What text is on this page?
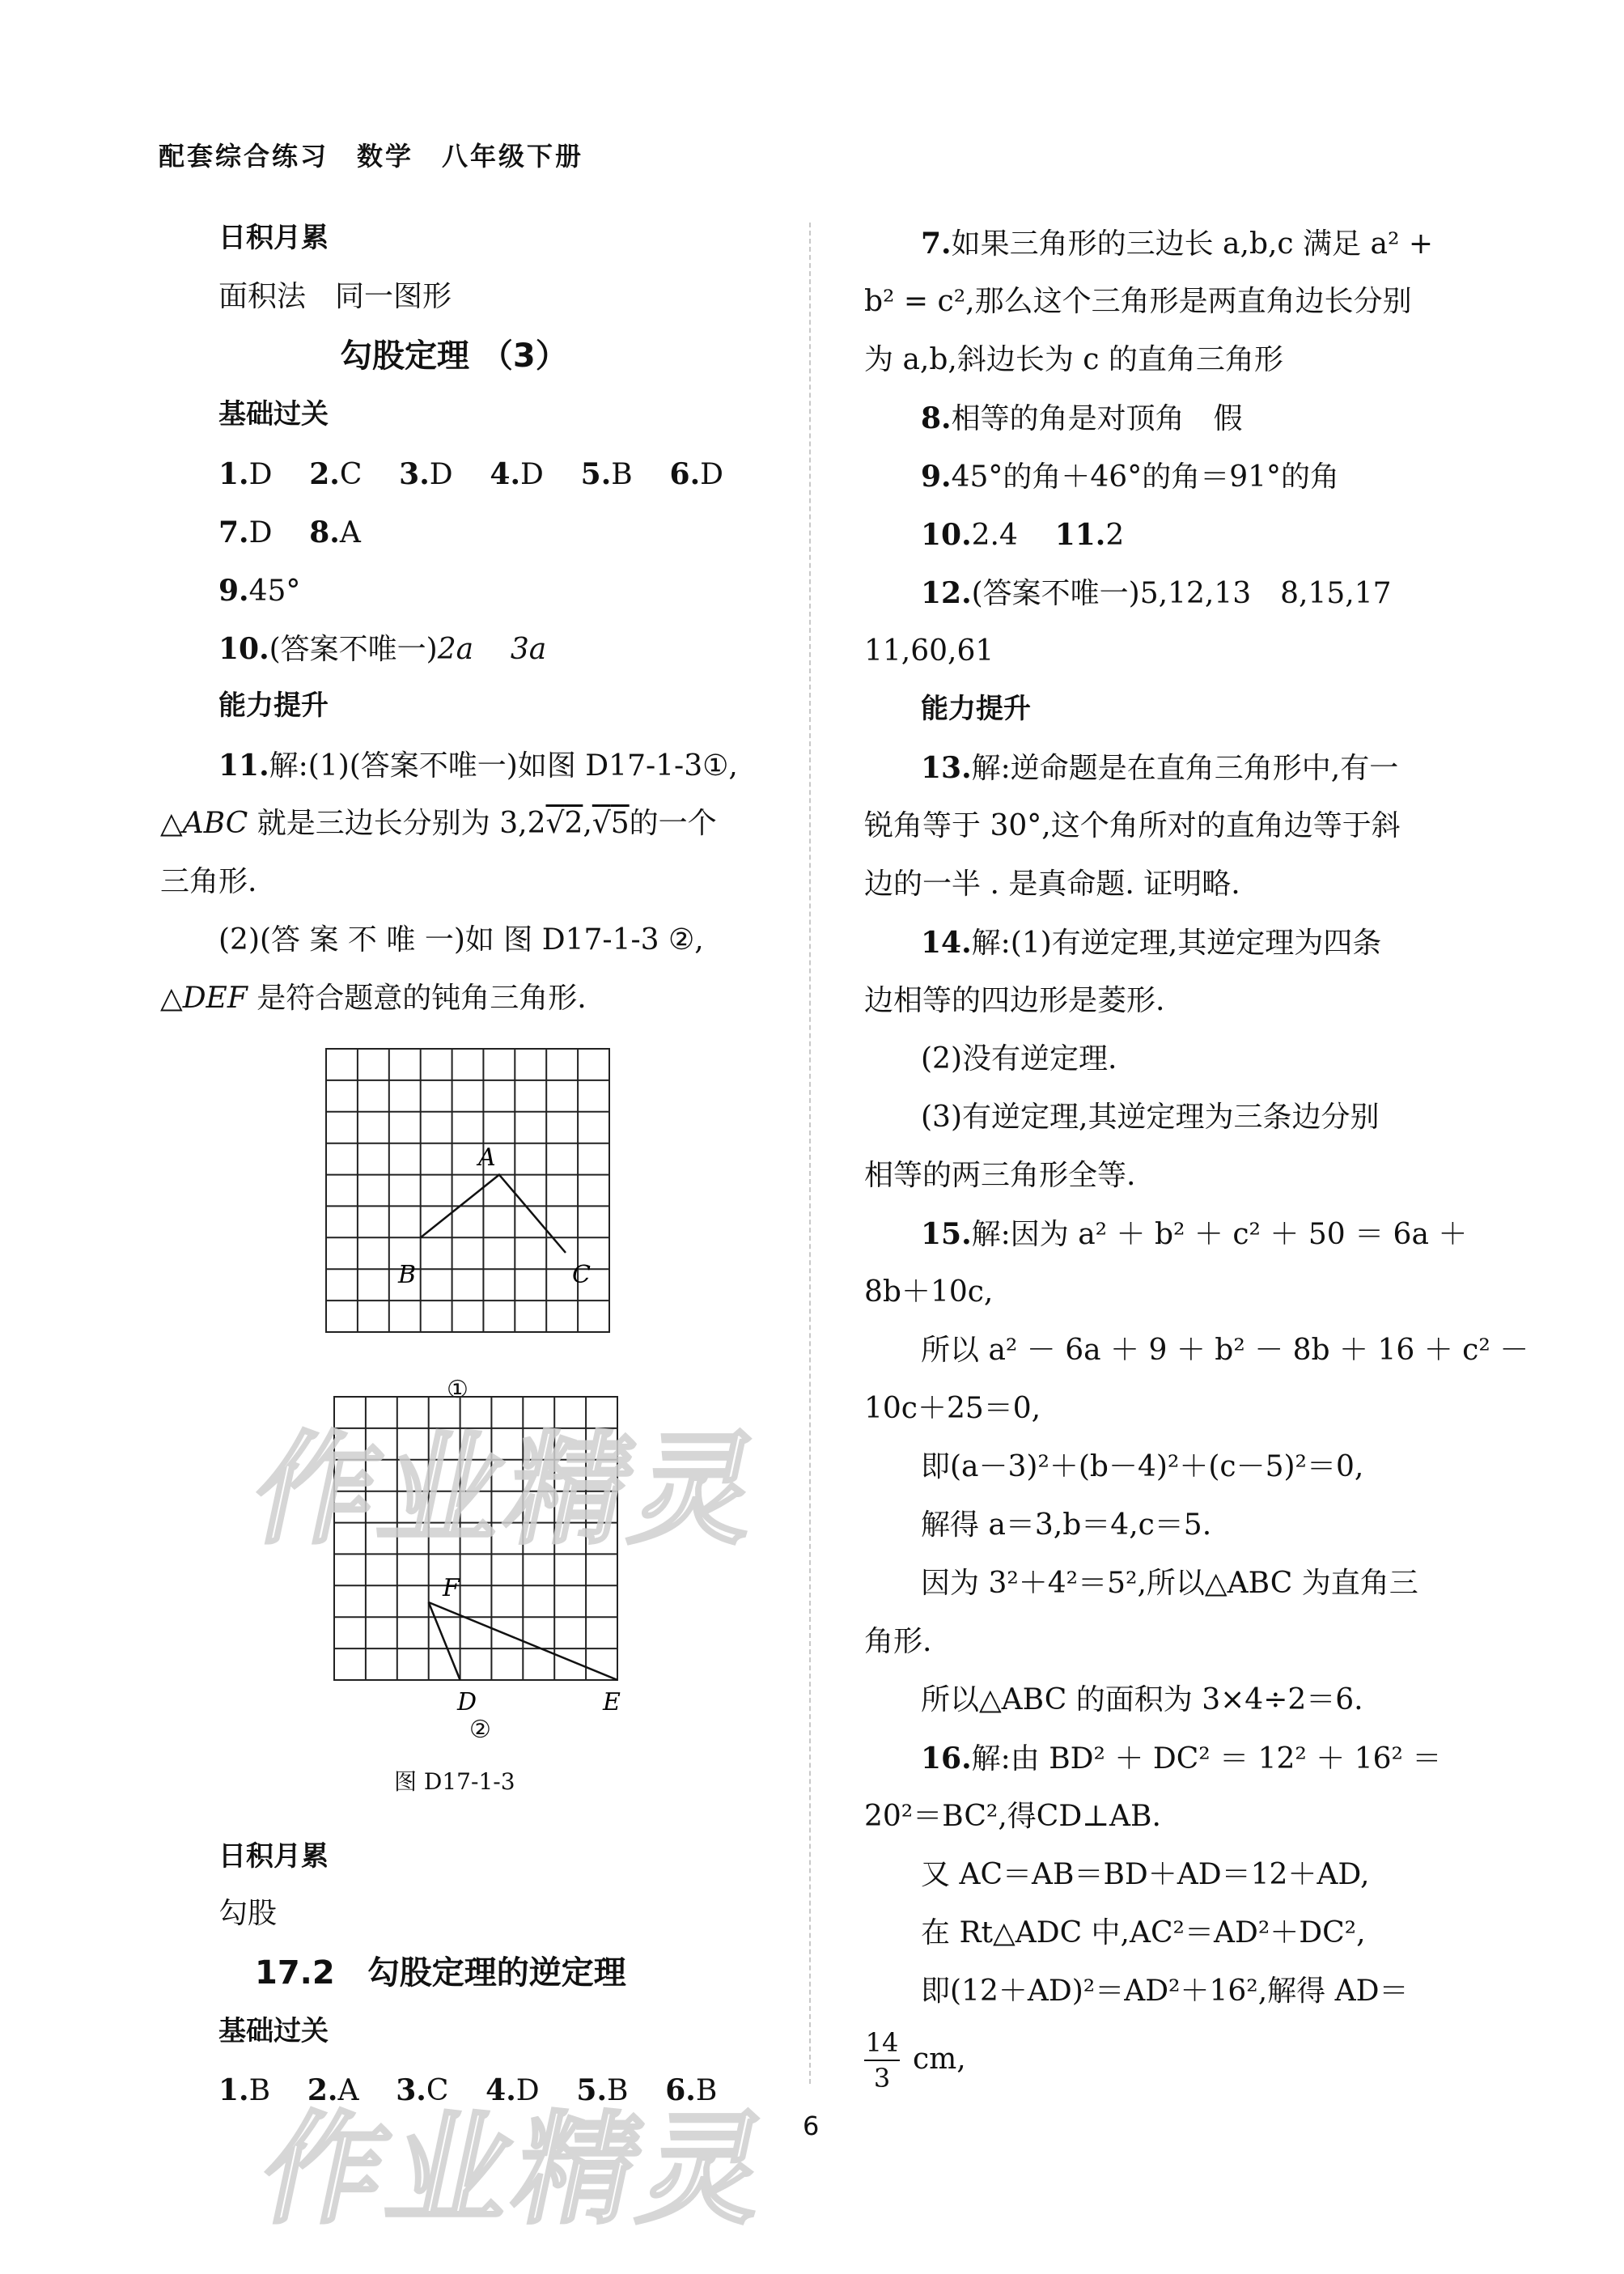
配套综合练习　数学　八年级下册
日积月累
面积法　同一图形
勾股定理 （3）
基础过关
1.D 2.C 3.D 4.D 5.B 6.D
7.D 8.A
9.45°
10.(答案不唯一)2a 3a
能力提升
11.解:(1)(答案不唯一)如图 D17-1-3①,
△ABC 就是三边长分别为 3,2√2,√5的一个
三角形.
(2)(答 案 不 唯 一)如 图 D17-1-3 ②,
△DEF 是符合题意的钝角三角形.
日积月累
勾股
17.2　勾股定理的逆定理
基础过关
1.B 2.A 3.C 4.D 5.B 6.B
A
B	C
①
F
D	E
②
图 D17-1-3
7.如果三角形的三边长 a,b,c 满足 a² +
b² = c²,那么这个三角形是两直角边长分别
为 a,b,斜边长为 c 的直角三角形
8.相等的角是对顶角　假
9.45°的角＋46°的角＝91°的角
10.2.4 11.2
12.(答案不唯一)5,12,13　8,15,17
11,60,61
能力提升
13.解:逆命题是在直角三角形中,有一
锐角等于 30°,这个角所对的直角边等于斜
边的一半 . 是真命题. 证明略.
14.解:(1)有逆定理,其逆定理为四条
边相等的四边形是菱形.
(2)没有逆定理.
(3)有逆定理,其逆定理为三条边分别
相等的两三角形全等.
15.解:因为 a² ＋ b² ＋ c² ＋ 50 ＝ 6a ＋
8b＋10c,
所以 a² － 6a ＋ 9 ＋ b² － 8b ＋ 16 ＋ c² －
10c＋25＝0,
即(a－3)²＋(b－4)²＋(c－5)²＝0,
解得 a＝3,b＝4,c＝5.
因为 3²＋4²＝5²,所以△ABC 为直角三
角形.
所以△ABC 的面积为 3×4÷2＝6.
16.解:由 BD² ＋ DC² ＝ 12² ＋ 16² ＝
20²＝BC²,得CD⊥AB.
又 AC＝AB＝BD＋AD＝12＋AD,
在 Rt△ADC 中,AC²＝AD²＋DC²,
即(12＋AD)²＝AD²＋16²,解得 AD＝
$\frac{14}{3}$ cm,
作业精灵
作业精灵 6
